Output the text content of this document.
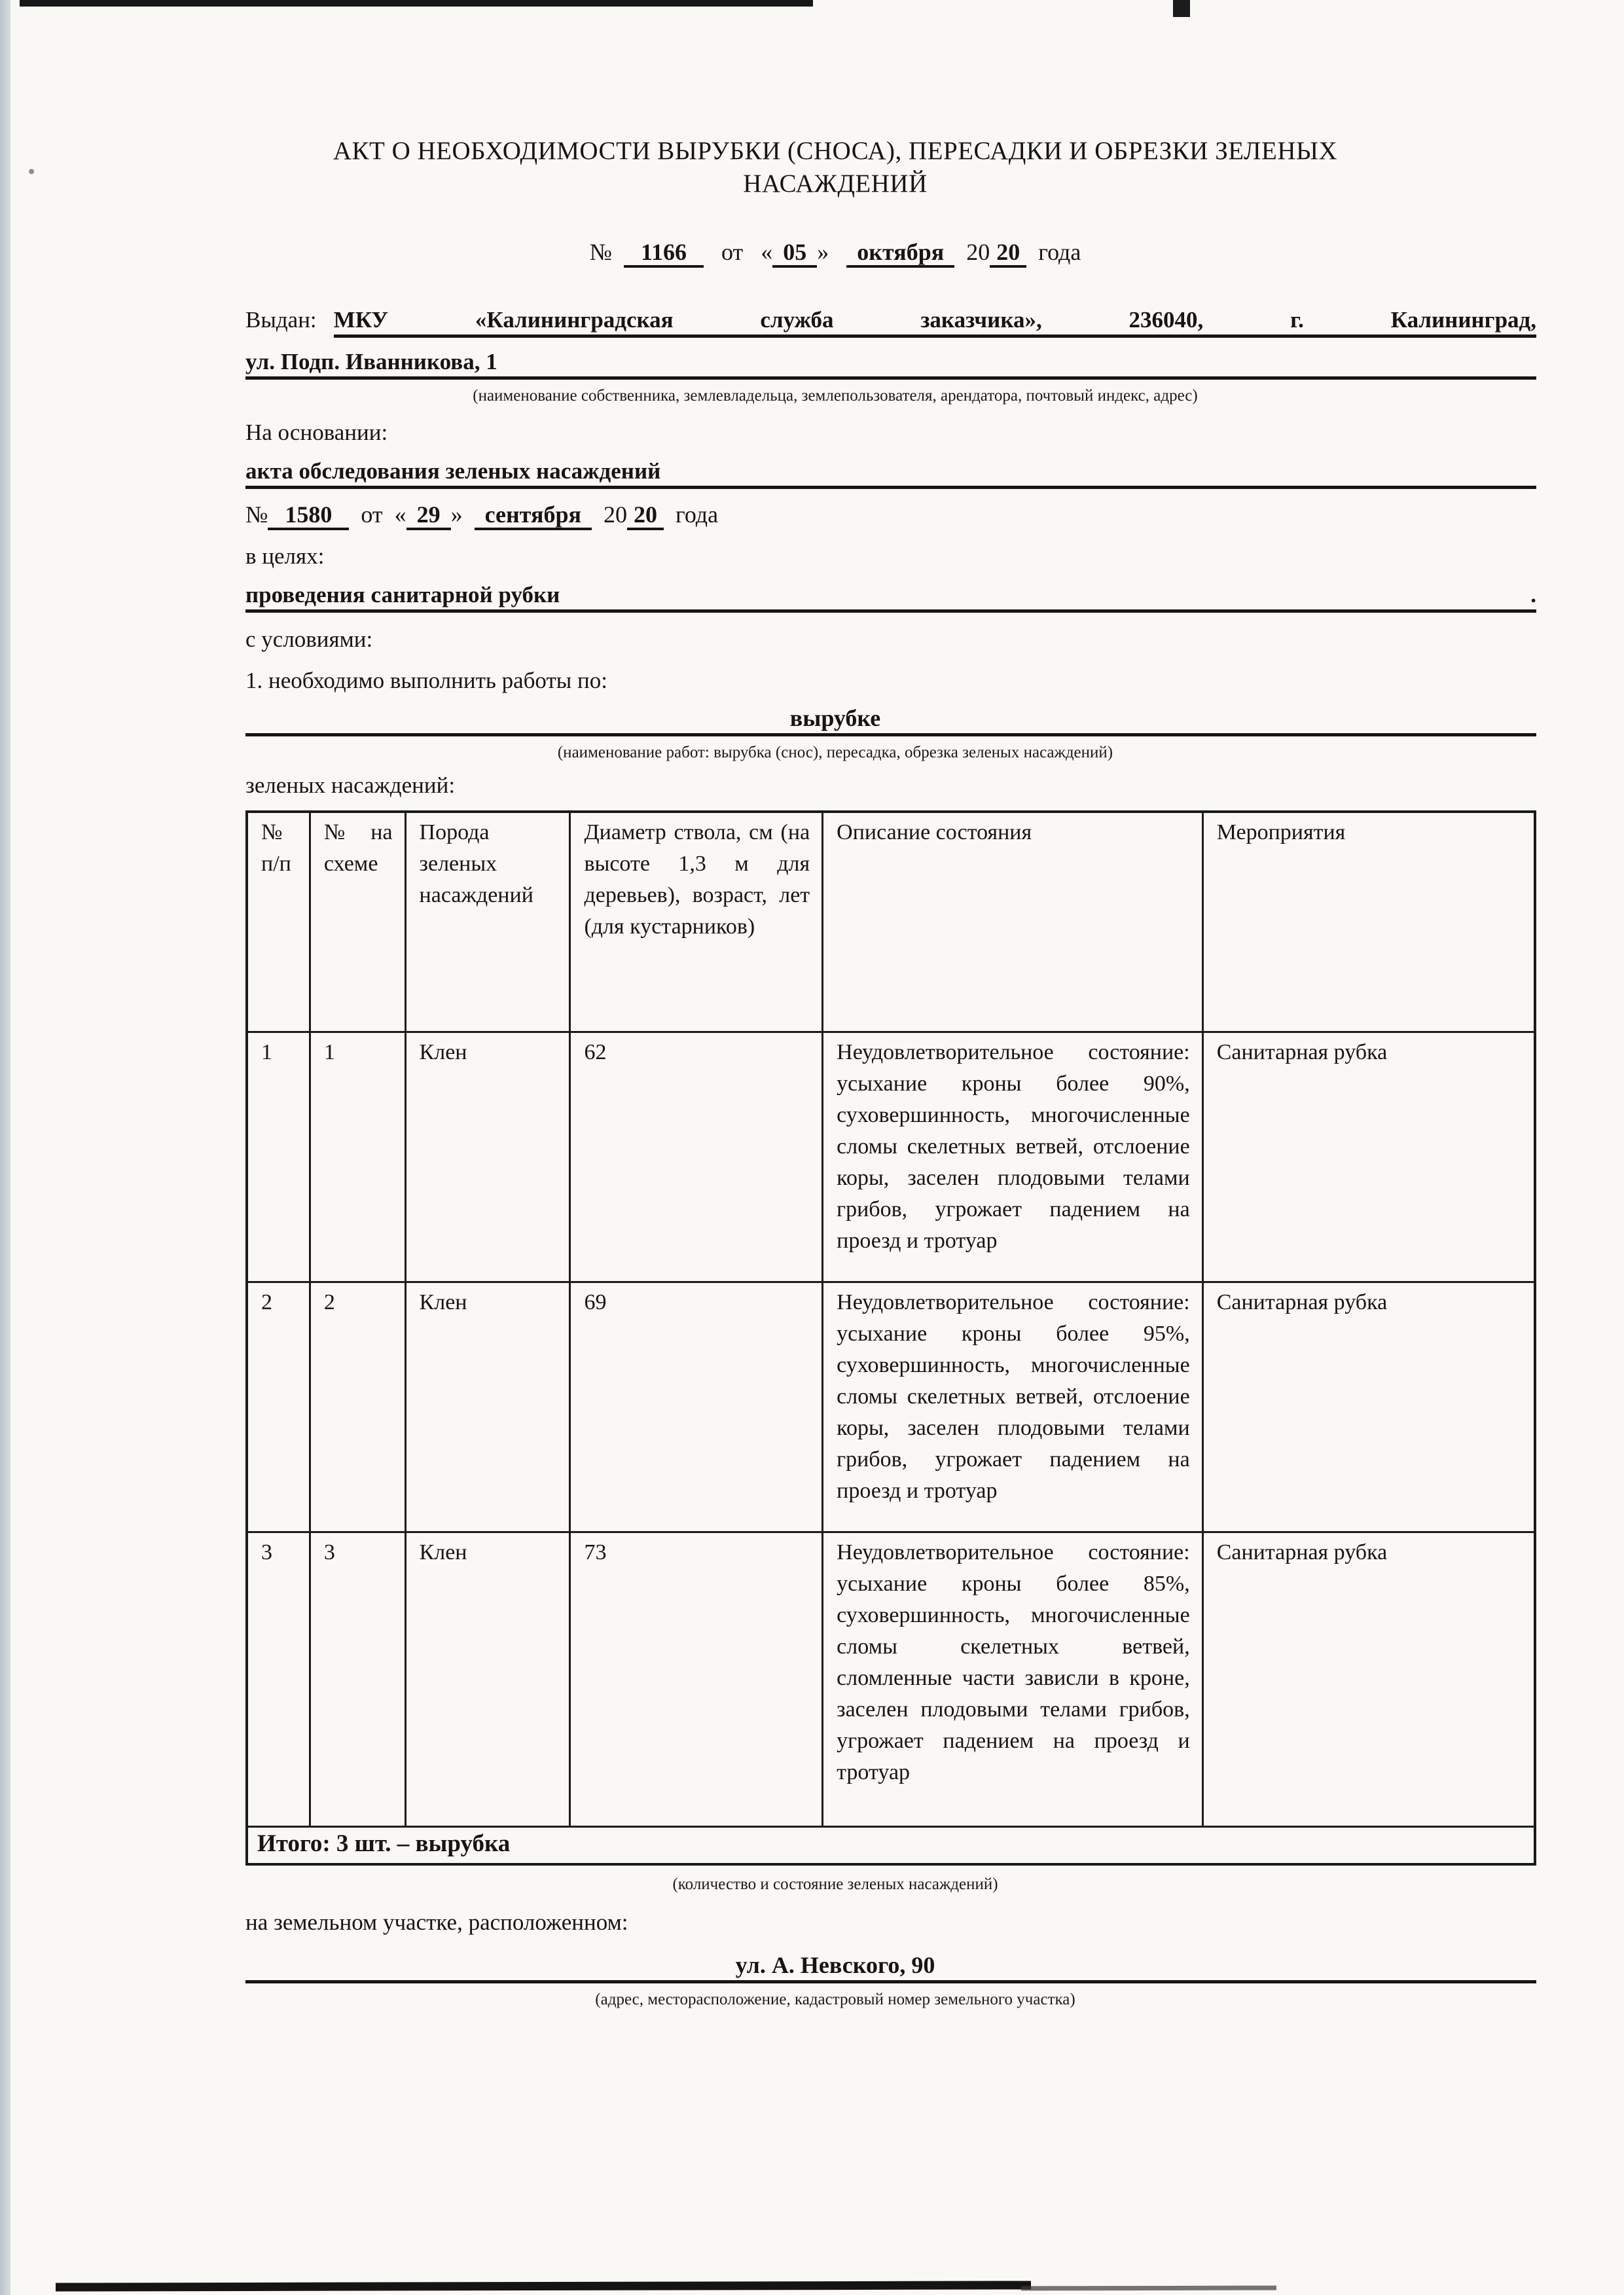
АКТ О НЕОБХОДИМОСТИ ВЫРУБКИ (СНОСА), ПЕРЕСАДКИ И ОБРЕЗКИ ЗЕЛЕНЫХ
НАСАЖДЕНИЙ
№ 1166 от « 05 » октября 20 20 года
Выдан: МКУ «Калининградская служба заказчика», 236040, г. Калининград,
ул. Подп. Иванникова, 1
(наименование собственника, землевладельца, землепользователя, арендатора, почтовый индекс, адрес)

На основании:

акта обследования зеленых насаждений
№ 1580 от « 29 » сентября 20 20 года

в целях:

проведения санитарной рубки	.

с условиями:

1. необходимо выполнить работы по:

вырубке
(наименование работ: вырубка (снос), пересадка, обрезка зеленых насаждений)

зеленых насаждений:

№ п/п	№ на схеме	Порода зеленых насаждений	Диаметр ствола, см (на высоте 1,3 м для деревьев), возраст, лет (для кустарников)	Описание состояния	Мероприятия
1	1	Клен	62	Неудовлетворительное состояние: усыхание кроны более 90%, суховершинность, многочисленные сломы скелетных ветвей, отслоение коры, заселен плодовыми телами грибов, угрожает падением на проезд и тротуар	Санитарная рубка
2	2	Клен	69	Неудовлетворительное состояние: усыхание кроны более 95%, суховершинность, многочисленные сломы скелетных ветвей, отслоение коры, заселен плодовыми телами грибов, угрожает падением на проезд и тротуар	Санитарная рубка
3	3	Клен	73	Неудовлетворительное состояние: усыхание кроны более 85%, суховершинность, многочисленные сломы скелетных ветвей, сломленные части зависли в кроне, заселен плодовыми телами грибов, угрожает падением на проезд и тротуар	Санитарная рубка
Итого: 3 шт. – вырубка					
(количество и состояние зеленых насаждений)

на земельном участке, расположенном:

ул. А. Невского, 90
(адрес, месторасположение, кадастровый номер земельного участка)
